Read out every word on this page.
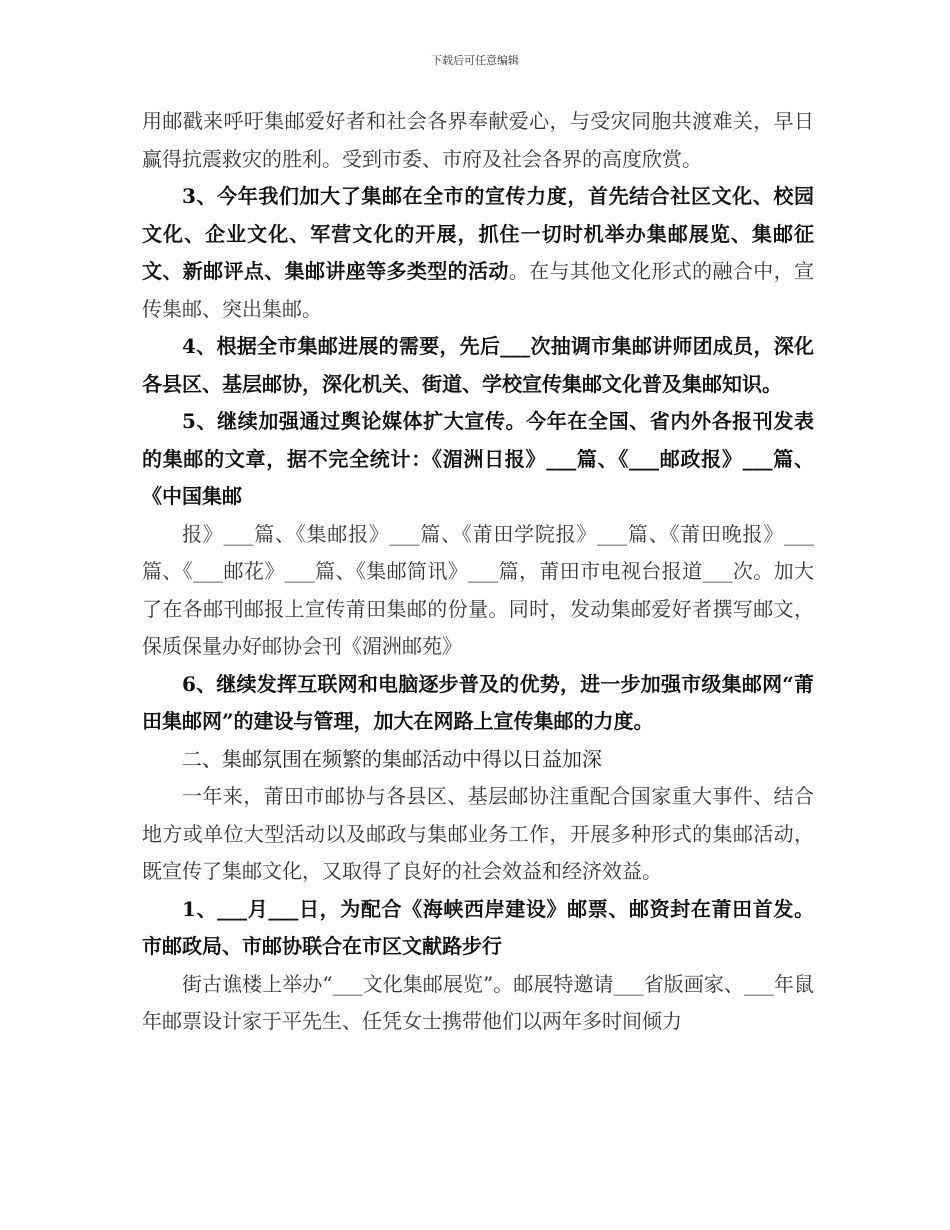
下载后可任意编辑

用邮戳来呼吁集邮爱好者和社会各界奉献爱心，与受灾同胞共渡难关，早日赢得抗震救灾的胜利。受到市委、市府及社会各界的高度欣赏。

3、今年我们加大了集邮在全市的宣传力度，首先结合社区文化、校园文化、企业文化、军营文化的开展，抓住一切时机举办集邮展览、集邮征文、新邮评点、集邮讲座等多类型的活动。在与其他文化形式的融合中，宣传集邮、突出集邮。

4、根据全市集邮进展的需要，先后___次抽调市集邮讲师团成员，深化各县区、基层邮协，深化机关、街道、学校宣传集邮文化普及集邮知识。

5、继续加强通过舆论媒体扩大宣传。今年在全国、省内外各报刊发表的集邮的文章，据不完全统计：《湄洲日报》___篇、《___邮政报》___篇、《中国集邮

报》___篇、《集邮报》___篇、《莆田学院报》___篇、《莆田晚报》___篇、《___邮花》___篇、《集邮简讯》___篇，莆田市电视台报道___次。加大了在各邮刊邮报上宣传莆田集邮的份量。同时，发动集邮爱好者撰写邮文，保质保量办好邮协会刊《湄洲邮苑》

6、继续发挥互联网和电脑逐步普及的优势，进一步加强市级集邮网“莆田集邮网”的建设与管理，加大在网路上宣传集邮的力度。

二、集邮氛围在频繁的集邮活动中得以日益加深

一年来，莆田市邮协与各县区、基层邮协注重配合国家重大事件、结合地方或单位大型活动以及邮政与集邮业务工作，开展多种形式的集邮活动，既宣传了集邮文化，又取得了良好的社会效益和经济效益。

1、___月___日，为配合《海峡西岸建设》邮票、邮资封在莆田首发。市邮政局、市邮协联合在市区文献路步行

街古谯楼上举办“___文化集邮展览”。邮展特邀请___省版画家、___年鼠年邮票设计家于平先生、任凭女士携带他们以两年多时间倾力
